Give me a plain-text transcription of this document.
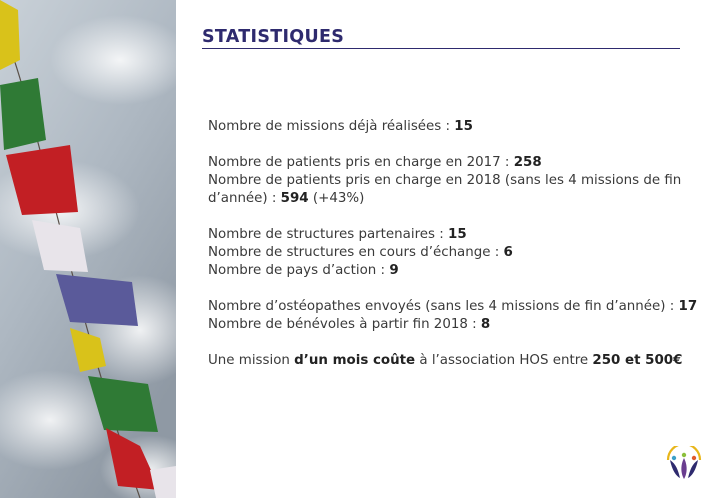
STATISTIQUES

Nombre de missions déjà réalisées : 15

Nombre de patients pris en charge en 2017 : 258

Nombre de patients pris en charge en 2018 (sans les 4 missions de fin

d’année) : 594 (+43%)

Nombre de structures partenaires : 15

Nombre de structures en cours d’échange : 6

Nombre de pays d’action : 9

Nombre d’ostéopathes envoyés (sans les 4 missions de fin d’année) : 17

Nombre de bénévoles à partir fin 2018 : 8

Une mission d’un mois coûte à l’association HOS entre 250 et 500€
